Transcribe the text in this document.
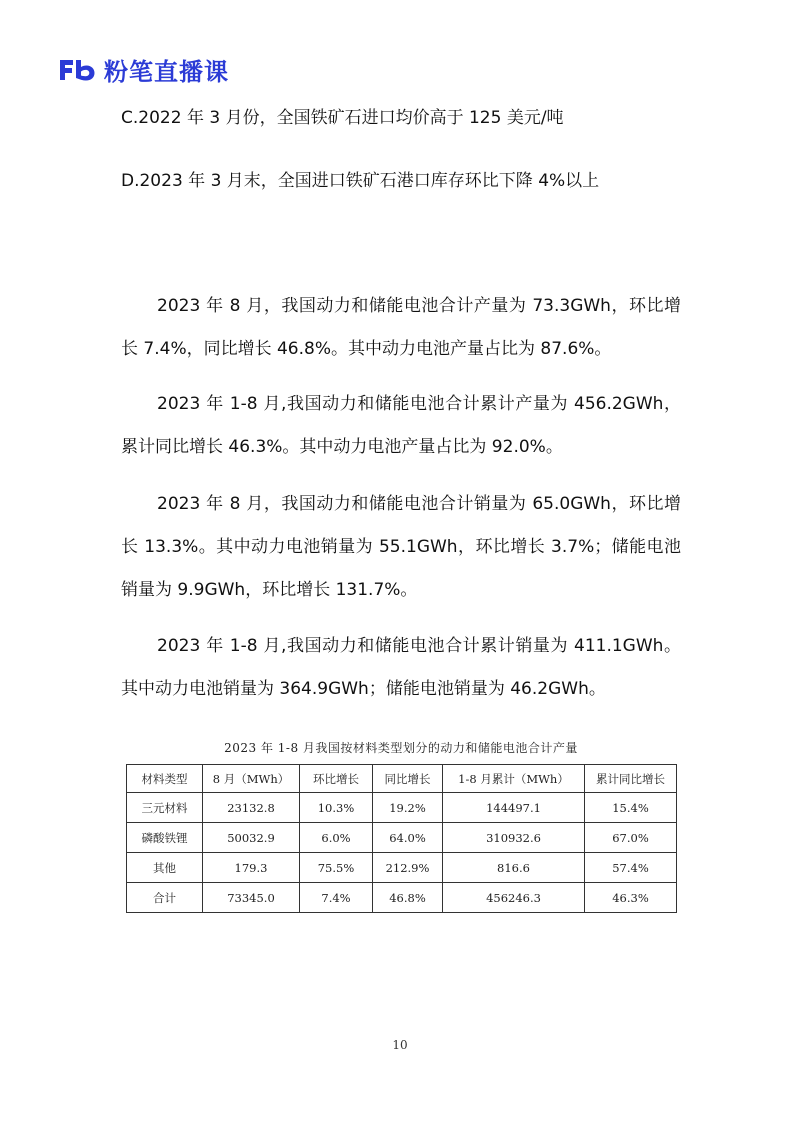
粉笔直播课
C.2022 年 3 月份，全国铁矿石进口均价高于 125 美元/吨
D.2023 年 3 月末，全国进口铁矿石港口库存环比下降 4%以上

2023 年 8 月，我国动力和储能电池合计产量为 73.3GWh，环比增长 7.4%，同比增长 46.8%。其中动力电池产量占比为 87.6%。

2023 年 1-8 月,我国动力和储能电池合计累计产量为 456.2GWh，累计同比增长 46.3%。其中动力电池产量占比为 92.0%。

2023 年 8 月，我国动力和储能电池合计销量为 65.0GWh，环比增长 13.3%。其中动力电池销量为 55.1GWh，环比增长 3.7%；储能电池销量为 9.9GWh，环比增长 131.7%。

2023 年 1-8 月,我国动力和储能电池合计累计销量为 411.1GWh。其中动力电池销量为 364.9GWh；储能电池销量为 46.2GWh。

2023 年 1-8 月我国按材料类型划分的动力和储能电池合计产量
材料类型	8 月（MWh）	环比增长	同比增长	1-8 月累计（MWh）	累计同比增长
三元材料	23132.8	10.3%	19.2%	144497.1	15.4%
磷酸铁锂	50032.9	6.0%	64.0%	310932.6	67.0%
其他	179.3	75.5%	212.9%	816.6	57.4%
合计	73345.0	7.4%	46.8%	456246.3	46.3%
10
